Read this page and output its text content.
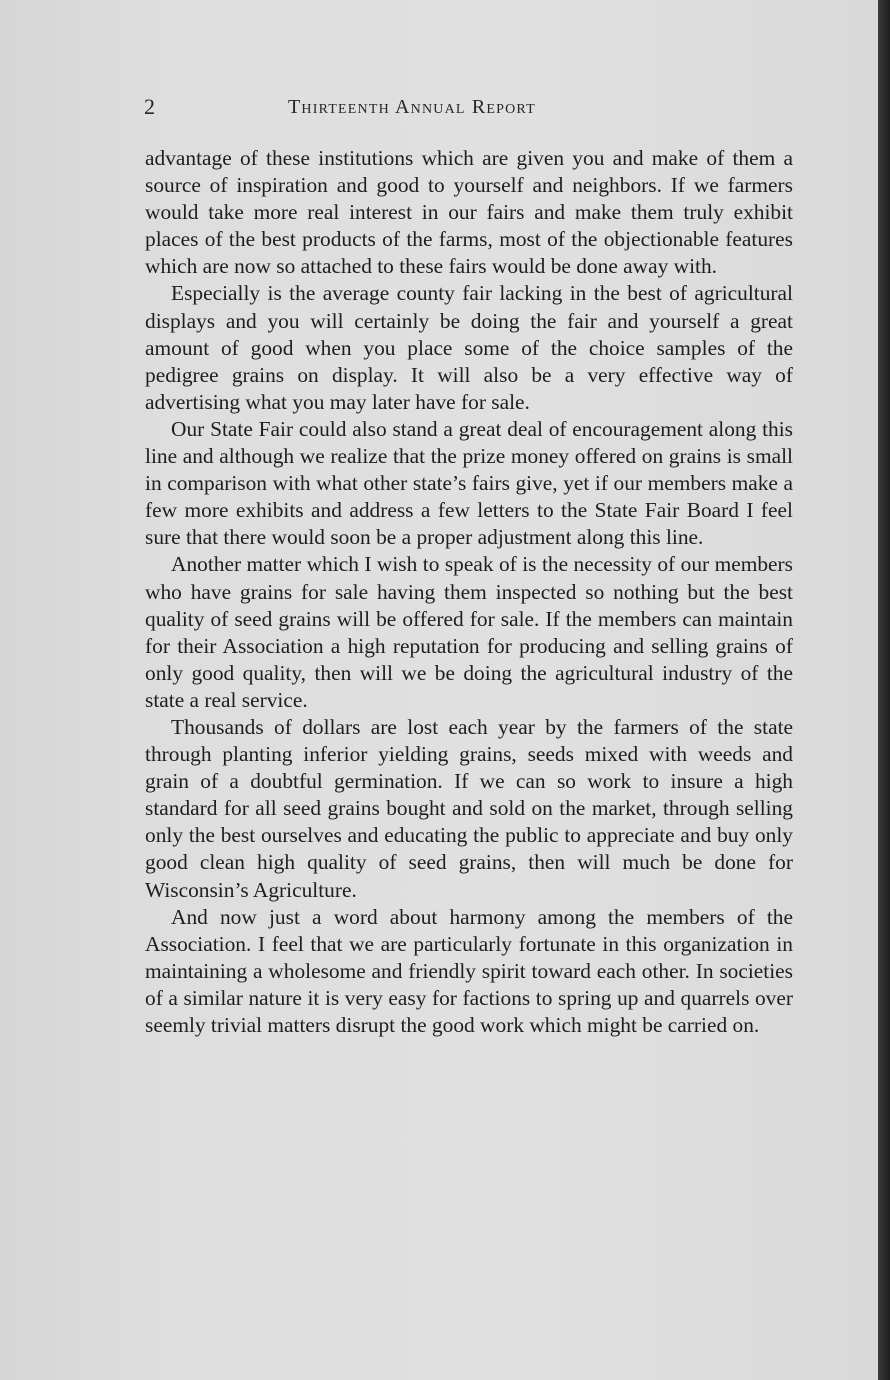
2	Thirteenth Annual Report

advantage of these institutions which are given you and make of them a source of inspiration and good to yourself and neighbors. If we farmers would take more real interest in our fairs and make them truly exhibit places of the best products of the farms, most of the objectionable features which are now so attached to these fairs would be done away with.

Especially is the average county fair lacking in the best of agricultural displays and you will certainly be doing the fair and yourself a great amount of good when you place some of the choice samples of the pedigree grains on display. It will also be a very effective way of advertising what you may later have for sale.

Our State Fair could also stand a great deal of encouragement along this line and although we realize that the prize money offered on grains is small in comparison with what other state’s fairs give, yet if our members make a few more exhibits and address a few letters to the State Fair Board I feel sure that there would soon be a proper adjustment along this line.

Another matter which I wish to speak of is the necessity of our members who have grains for sale having them inspected so nothing but the best quality of seed grains will be offered for sale. If the members can maintain for their Association a high reputation for producing and selling grains of only good quality, then will we be doing the agricultural industry of the state a real service.

Thousands of dollars are lost each year by the farmers of the state through planting inferior yielding grains, seeds mixed with weeds and grain of a doubtful germination. If we can so work to insure a high standard for all seed grains bought and sold on the market, through selling only the best ourselves and educating the public to appreciate and buy only good clean high quality of seed grains, then will much be done for Wisconsin’s Agriculture.

And now just a word about harmony among the members of the Association. I feel that we are particularly fortunate in this organization in maintaining a wholesome and friendly spirit toward each other. In societies of a similar nature it is very easy for factions to spring up and quarrels over seemly trivial matters disrupt the good work which might be carried on.
